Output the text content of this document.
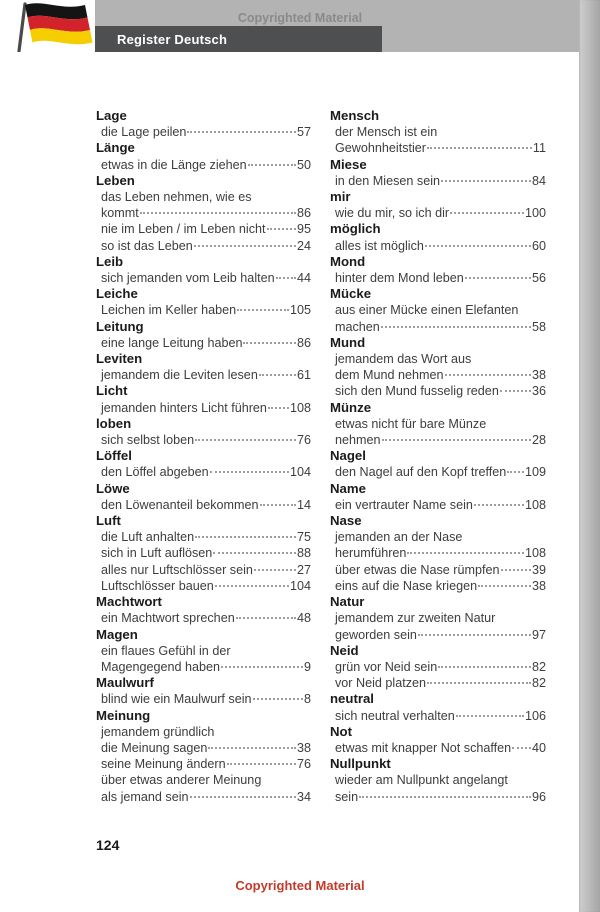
Register Deutsch
Copyrighted Material
Lage
die Lage peilen	57
Länge
etwas in die Länge ziehen	50
Leben
das Leben nehmen, wie es
kommt	86
nie im Leben / im Leben nicht 95
so ist das Leben	24
Leib
sich jemanden vom Leib halten 44
Leiche
Leichen im Keller haben	105
Leitung
eine lange Leitung haben	86
Leviten
jemandem die Leviten lesen	61
Licht
jemanden hinters Licht führen 108
loben
sich selbst loben	76
Löffel
den Löffel abgeben	104
Löwe
den Löwenanteil bekommen	14
Luft
die Luft anhalten	75
sich in Luft auflösen	88
alles nur Luftschlösser sein	27
Luftschlösser bauen	104
Machtwort
ein Machtwort sprechen	48
Magen
ein flaues Gefühl in der
Magengegend haben	9
Maulwurf
blind wie ein Maulwurf sein	8
Meinung
jemandem gründlich
die Meinung sagen	38
seine Meinung ändern	76
über etwas anderer Meinung
als jemand sein	34
Mensch
der Mensch ist ein
Gewohnheitstier	11
Miese
in den Miesen sein	84
mir
wie du mir, so ich dir	100
möglich
alles ist möglich	60
Mond
hinter dem Mond leben	56
Mücke
aus einer Mücke einen Elefanten
machen	58
Mund
jemandem das Wort aus
dem Mund nehmen	38
sich den Mund fusselig reden	36
Münze
etwas nicht für bare Münze
nehmen	28
Nagel
den Nagel auf den Kopf treffen 109
Name
ein vertrauter Name sein	108
Nase
jemanden an der Nase
herumführen	108
über etwas die Nase rümpfen	39
eins auf die Nase kriegen	38
Natur
jemandem zur zweiten Natur
geworden sein	97
Neid
grün vor Neid sein	82
vor Neid platzen	82
neutral
sich neutral verhalten	106
Not
etwas mit knapper Not schaffen 40
Nullpunkt
wieder am Nullpunkt angelangt
sein	96
124
Copyrighted Material
